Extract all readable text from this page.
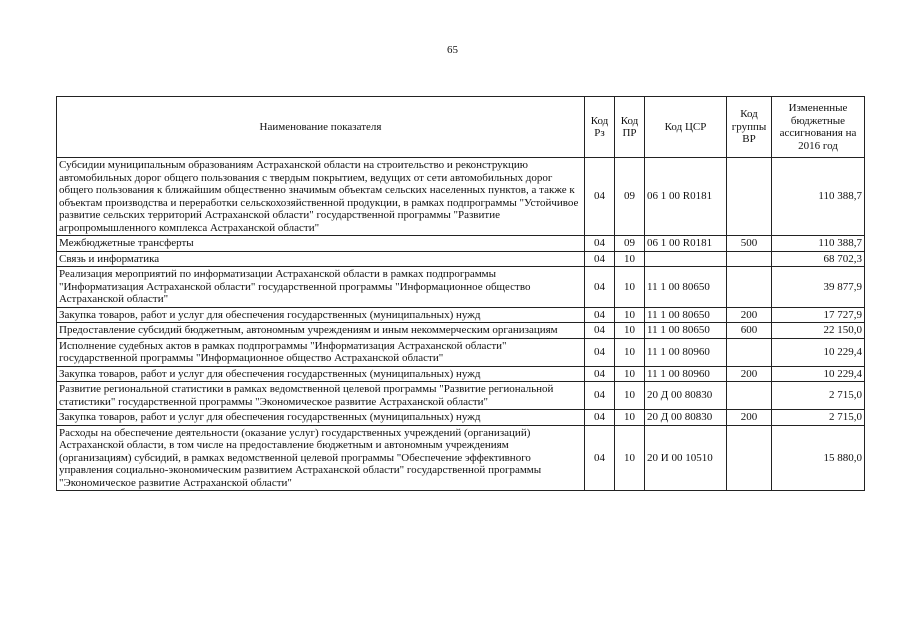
65
Наименование показателя	Код Рз	Код ПР	Код ЦСР	Код группы ВР	Измененные бюджетные ассигнования на 2016 год
Субсидии муниципальным образованиям Астраханской области на строительство и реконструкцию автомобильных дорог общего пользования с твердым покрытием, ведущих от сети автомобильных дорог общего пользования к ближайшим общественно значимым объектам сельских населенных пунктов, а также к объектам производства и переработки сельскохозяйственной продукции, в рамках подпрограммы "Устойчивое развитие сельских территорий Астраханской области" государственной программы "Развитие агропромышленного комплекса Астраханской области"	04	09	06 1 00 R0181		110 388,7
Межбюджетные трансферты	04	09	06 1 00 R0181	500	110 388,7
Связь и информатика	04	10			68 702,3
Реализация мероприятий по информатизации Астраханской области в рамках подпрограммы "Информатизация Астраханской области" государственной программы "Информационное общество Астраханской области"	04	10	11 1 00 80650		39 877,9
Закупка товаров, работ и услуг для обеспечения государственных (муниципальных) нужд	04	10	11 1 00 80650	200	17 727,9
Предоставление субсидий бюджетным, автономным учреждениям и иным некоммерческим организациям	04	10	11 1 00 80650	600	22 150,0
Исполнение судебных актов в рамках подпрограммы "Информатизация Астраханской области" государственной программы "Информационное общество Астраханской области"	04	10	11 1 00 80960		10 229,4
Закупка товаров, работ и услуг для обеспечения государственных (муниципальных) нужд	04	10	11 1 00 80960	200	10 229,4
Развитие региональной статистики в рамках ведомственной целевой программы "Развитие региональной статистики" государственной программы "Экономическое развитие Астраханской области"	04	10	20 Д 00 80830		2 715,0
Закупка товаров, работ и услуг для обеспечения государственных (муниципальных) нужд	04	10	20 Д 00 80830	200	2 715,0
Расходы на обеспечение деятельности (оказание услуг) государственных учреждений (организаций) Астраханской области, в том числе на предоставление бюджетным и автономным учреждениям (организациям) субсидий, в рамках ведомственной целевой программы "Обеспечение эффективного управления социально-экономическим развитием Астраханской области" государственной программы "Экономическое развитие Астраханской области"	04	10	20 И 00 10510		15 880,0
